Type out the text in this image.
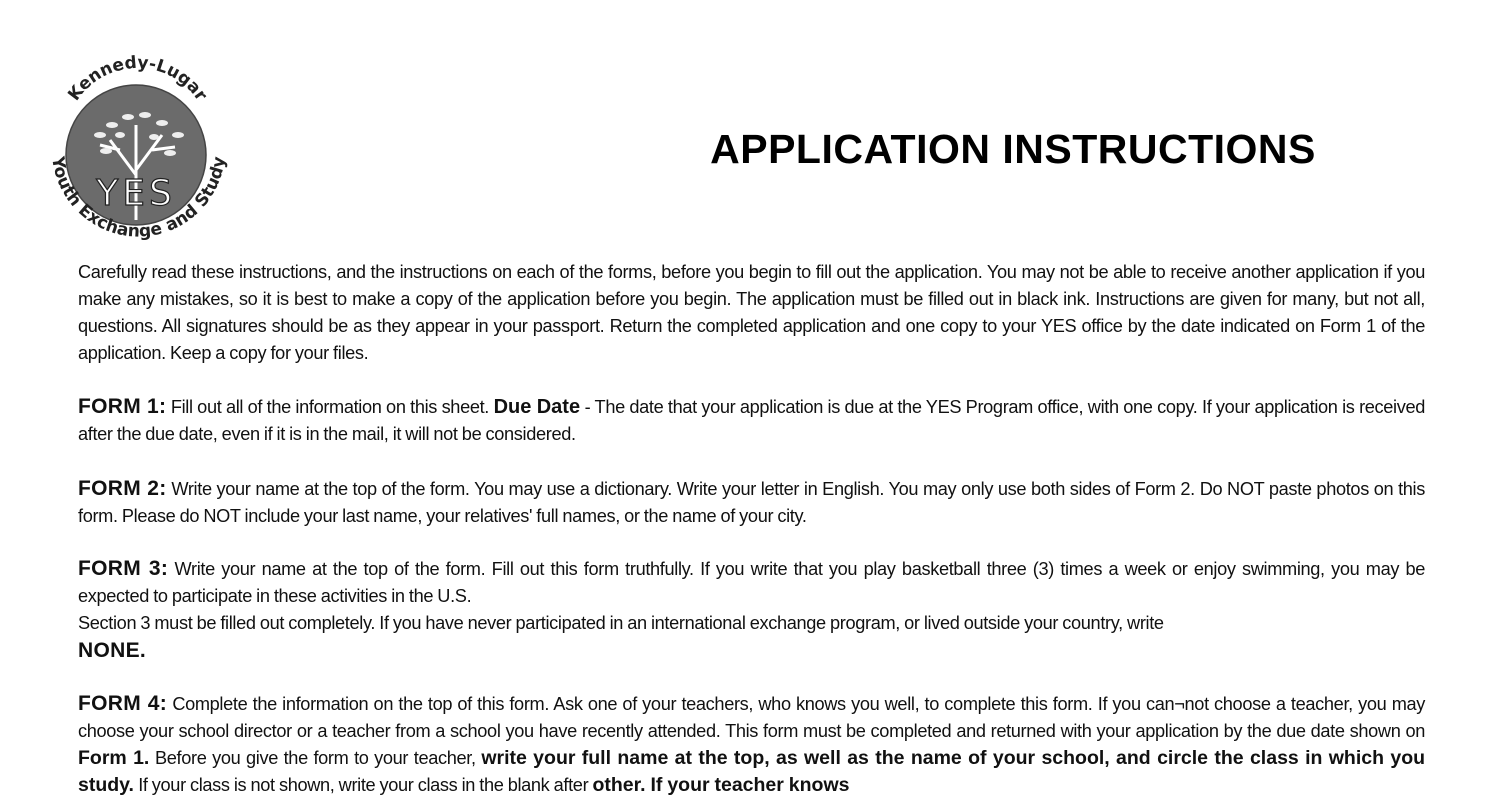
YES
Kennedy-Lugar
Youth Exchange and Study	APPLICATION INSTRUCTIONS
Carefully read these instructions, and the instructions on each of the forms, before you begin to fill out the application. You may not be able to receive another application if you make any mistakes, so it is best to make a copy of the application before you begin. The application must be filled out in black ink. Instructions are given for many, but not all, questions. All signatures should be as they appear in your passport. Return the completed application and one copy to your YES office by the date indicated on Form 1 of the application. Keep a copy for your files.
FORM 1: Fill out all of the information on this sheet. Due Date - The date that your application is due at the YES Program office, with one copy. If your application is received after the due date, even if it is in the mail, it will not be considered.
FORM 2: Write your name at the top of the form. You may use a dictionary. Write your letter in English. You may only use both sides of Form 2. Do NOT paste photos on this form. Please do NOT include your last name, your relatives' full names, or the name of your city.
FORM 3: Write your name at the top of the form. Fill out this form truthfully. If you write that you play basketball three (3) times a week or enjoy swimming, you may be expected to participate in these activities in the U.S.
Section 3 must be filled out completely. If you have never participated in an international exchange program, or lived outside your country, write
NONE.
FORM 4: Complete the information on the top of this form. Ask one of your teachers, who knows you well, to complete this form. If you can¬not choose a teacher, you may choose your school director or a teacher from a school you have recently attended. This form must be completed and returned with your application by the due date shown on Form 1. Before you give the form to your teacher, write your full name at the top, as well as the name of your school, and circle the class in which you study. If your class is not shown, write your class in the blank after other. If your teacher knows
